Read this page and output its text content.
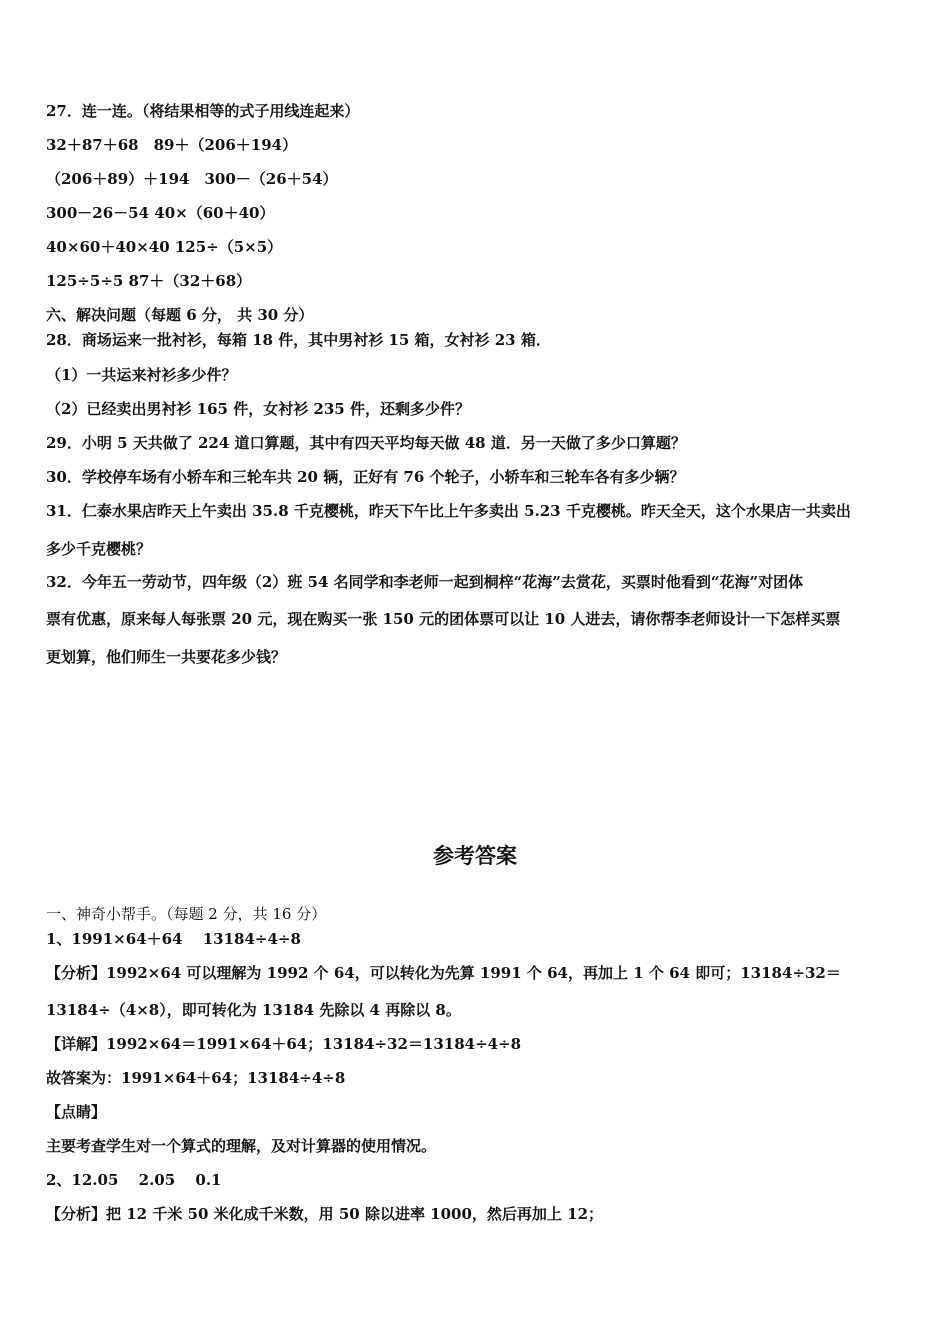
27．连一连。（将结果相等的式子用线连起来）
32＋87＋68　89＋（206＋194）
（206＋89）＋194　300－（26＋54）
300－26－54 40×（60＋40）
40×60＋40×40 125÷（5×5）
125÷5÷5 87＋（32＋68）
六、解决问题（每题 6 分， 共 30 分）
28．商场运来一批衬衫，每箱 18 件，其中男衬衫 15 箱，女衬衫 23 箱．
（1）一共运来衬衫多少件？
（2）已经卖出男衬衫 165 件，女衬衫 235 件，还剩多少件？
29．小明 5 天共做了 224 道口算题，其中有四天平均每天做 48 道．另一天做了多少口算题？
30．学校停车场有小轿车和三轮车共 20 辆，正好有 76 个轮子，小轿车和三轮车各有多少辆？
31．仁泰水果店昨天上午卖出 35.8 千克樱桃，昨天下午比上午多卖出 5.23 千克樱桃。昨天全天，这个水果店一共卖出
多少千克樱桃？
32．今年五一劳动节，四年级（2）班 54 名同学和李老师一起到桐梓“花海”去赏花，买票时他看到“花海”对团体
票有优惠，原来每人每张票 20 元，现在购买一张 150 元的团体票可以让 10 人进去，请你帮李老师设计一下怎样买票
更划算，他们师生一共要花多少钱？
参考答案
一、神奇小帮手。（每题 2 分，共 16 分）
1、1991×64＋64　 13184÷4÷8
【分析】1992×64 可以理解为 1992 个 64，可以转化为先算 1991 个 64，再加上 1 个 64 即可；13184÷32＝
13184÷（4×8），即可转化为 13184 先除以 4 再除以 8。
【详解】1992×64＝1991×64＋64；13184÷32＝13184÷4÷8
故答案为：1991×64＋64；13184÷4÷8
【点睛】
主要考查学生对一个算式的理解，及对计算器的使用情况。
2、12.05　 2.05　 0.1
【分析】把 12 千米 50 米化成千米数，用 50 除以进率 1000，然后再加上 12；
